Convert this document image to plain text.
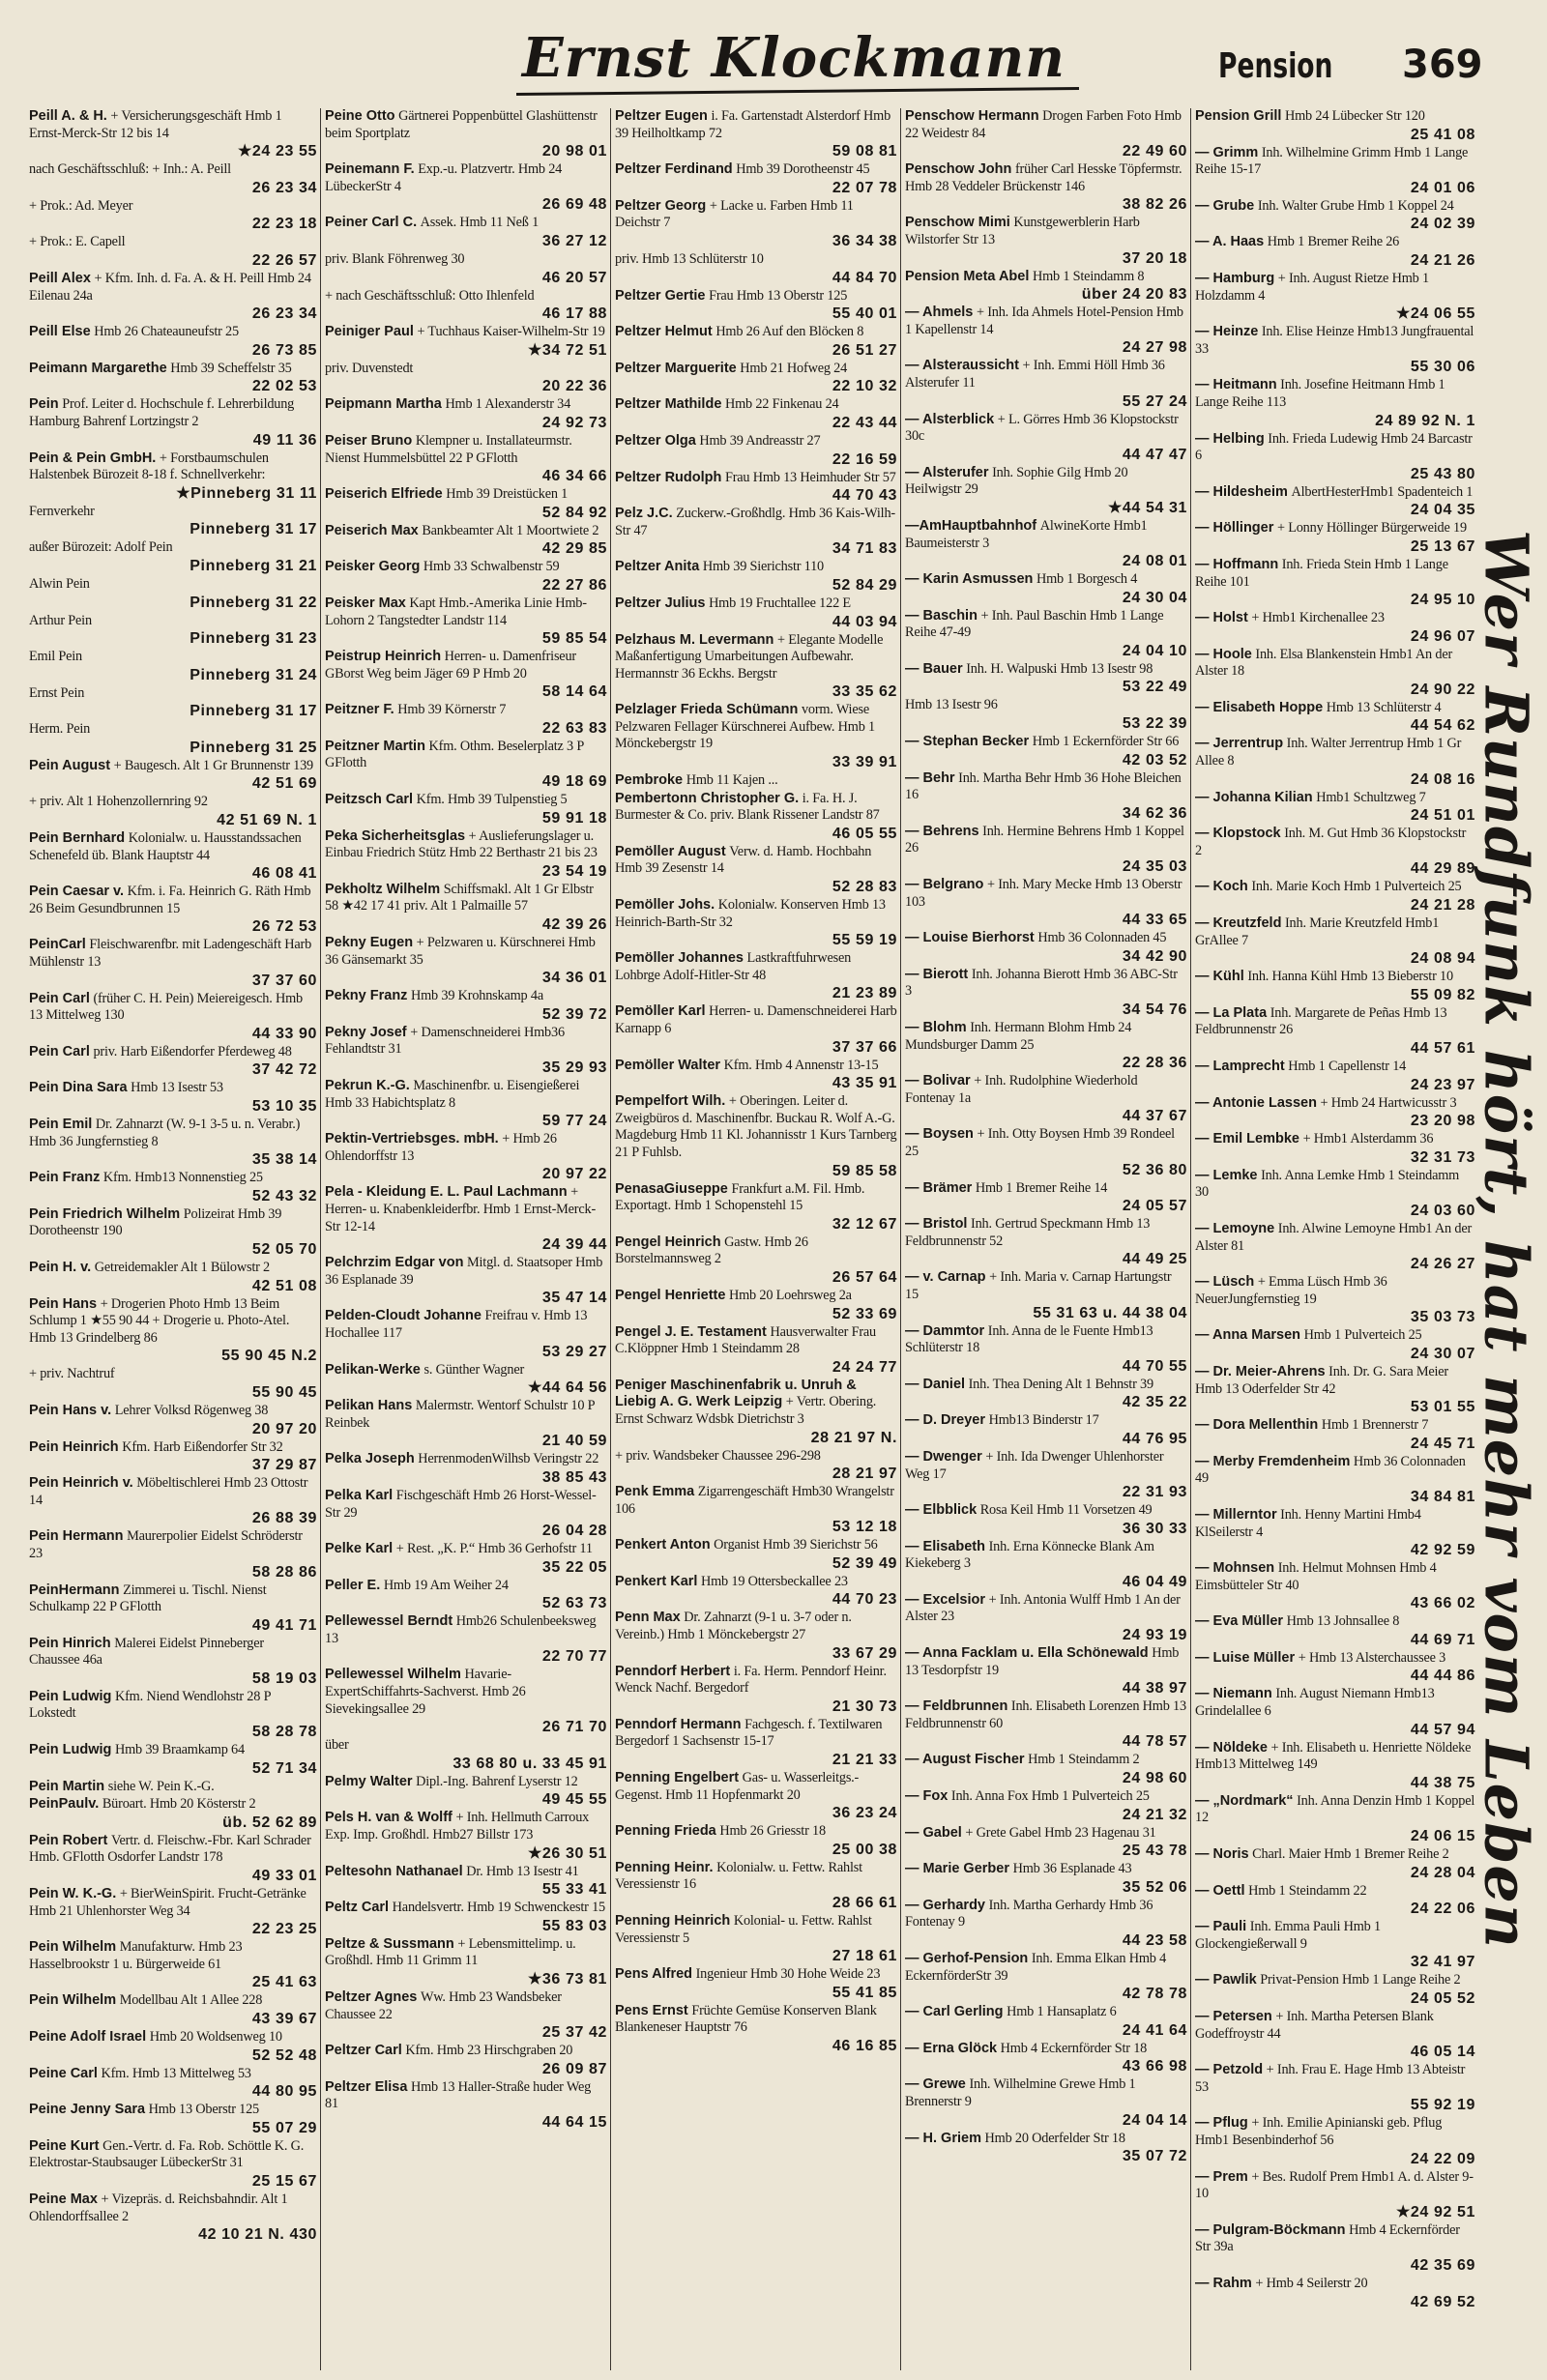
Ernst Klockmann	Pension 369

Peill A. & H. + Versicherungsgeschäft Hmb 1 Ernst-Merck-Str 12 bis 14

★24 23 55

nach Geschäftsschluß: + Inh.: A. Peill

26 23 34

+ Prok.: Ad. Meyer

22 23 18

+ Prok.: E. Capell

22 26 57

Peill Alex + Kfm. Inh. d. Fa. A. & H. Peill Hmb 24 Eilenau 24a

26 23 34

Peill Else Hmb 26 Chateauneufstr 25

26 73 85

Peimann Margarethe Hmb 39 Scheffelstr 35

22 02 53

Pein Prof. Leiter d. Hochschule f. Lehrerbildung Hamburg Bahrenf Lortzingstr 2

49 11 36

Pein & Pein GmbH. + Forstbaumschulen Halstenbek Bürozeit 8-18 f. Schnellverkehr:

★Pinneberg 31 11

Fernverkehr

Pinneberg 31 17

außer Bürozeit: Adolf Pein

Pinneberg 31 21

Alwin Pein

Pinneberg 31 22

Arthur Pein

Pinneberg 31 23

Emil Pein

Pinneberg 31 24

Ernst Pein

Pinneberg 31 17

Herm. Pein

Pinneberg 31 25

Pein August + Baugesch. Alt 1 Gr Brunnenstr 139

42 51 69

+ priv. Alt 1 Hohenzollernring 92

42 51 69 N. 1

Pein Bernhard Kolonialw. u. Hausstandssachen Schenefeld üb. Blank Hauptstr 44

46 08 41

Pein Caesar v. Kfm. i. Fa. Heinrich G. Räth Hmb 26 Beim Gesundbrunnen 15

26 72 53

PeinCarl Fleischwarenfbr. mit Ladengeschäft Harb Mühlenstr 13

37 37 60

Pein Carl (früher C. H. Pein) Meiereigesch. Hmb 13 Mittelweg 130

44 33 90

Pein Carl priv. Harb Eißendorfer Pferdeweg 48

37 42 72

Pein Dina Sara Hmb 13 Isestr 53

53 10 35

Pein Emil Dr. Zahnarzt (W. 9-1 3-5 u. n. Verabr.) Hmb 36 Jungfernstieg 8

35 38 14

Pein Franz Kfm. Hmb13 Nonnenstieg 25

52 43 32

Pein Friedrich Wilhelm Polizeirat Hmb 39 Dorotheenstr 190

52 05 70

Pein H. v. Getreidemakler Alt 1 Bülowstr 2

42 51 08

Pein Hans + Drogerien Photo Hmb 13 Beim Schlump 1 ★55 90 44 + Drogerie u. Photo-Atel. Hmb 13 Grindelberg 86

55 90 45 N.2

+ priv. Nachtruf

55 90 45

Pein Hans v. Lehrer Volksd Rögenweg 38

20 97 20

Pein Heinrich Kfm. Harb Eißendorfer Str 32

37 29 87

Pein Heinrich v. Möbeltischlerei Hmb 23 Ottostr 14

26 88 39

Pein Hermann Maurerpolier Eidelst Schröderstr 23

58 28 86

PeinHermann Zimmerei u. Tischl. Nienst Schulkamp 22 P GFlotth

49 41 71

Pein Hinrich Malerei Eidelst Pinneberger Chaussee 46a

58 19 03

Pein Ludwig Kfm. Niend Wendlohstr 28 P Lokstedt

58 28 78

Pein Ludwig Hmb 39 Braamkamp 64

52 71 34

Pein Martin siehe W. Pein K.-G.

PeinPaulv. Büroart. Hmb 20 Kösterstr 2

üb. 52 62 89

Pein Robert Vertr. d. Fleischw.-Fbr. Karl Schrader Hmb. GFlotth Osdorfer Landstr 178

49 33 01

Pein W. K.-G. + BierWeinSpirit. Frucht-Getränke Hmb 21 Uhlenhorster Weg 34

22 23 25

Pein Wilhelm Manufakturw. Hmb 23 Hasselbrookstr 1 u. Bürgerweide 61

25 41 63

Pein Wilhelm Modellbau Alt 1 Allee 228

43 39 67

Peine Adolf Israel Hmb 20 Woldsenweg 10

52 52 48

Peine Carl Kfm. Hmb 13 Mittelweg 53

44 80 95

Peine Jenny Sara Hmb 13 Oberstr 125

55 07 29

Peine Kurt Gen.-Vertr. d. Fa. Rob. Schöttle K. G. Elektrostar-Staubsauger LübeckerStr 31

25 15 67

Peine Max + Vizepräs. d. Reichsbahndir. Alt 1 Ohlendorffsallee 2

42 10 21 N. 430

Peine Otto Gärtnerei Poppenbüttel Glashüttenstr beim Sportplatz

20 98 01

Peinemann F. Exp.-u. Platzvertr. Hmb 24 LübeckerStr 4

26 69 48

Peiner Carl C. Assek. Hmb 11 Neß 1

36 27 12

priv. Blank Föhrenweg 30

46 20 57

+ nach Geschäftsschluß: Otto Ihlenfeld

46 17 88

Peiniger Paul + Tuchhaus Kaiser-Wilhelm-Str 19

★34 72 51

priv. Duvenstedt

20 22 36

Peipmann Martha Hmb 1 Alexanderstr 34

24 92 73

Peiser Bruno Klempner u. Installateurmstr. Nienst Hummelsbüttel 22 P GFlotth

46 34 66

Peiserich Elfriede Hmb 39 Dreistücken 1

52 84 92

Peiserich Max Bankbeamter Alt 1 Moortwiete 2

42 29 85

Peisker Georg Hmb 33 Schwalbenstr 59

22 27 86

Peisker Max Kapt Hmb.-Amerika Linie Hmb-Lohorn 2 Tangstedter Landstr 114

59 85 54

Peistrup Heinrich Herren- u. Damenfriseur GBorst Weg beim Jäger 69 P Hmb 20

58 14 64

Peitzner F. Hmb 39 Körnerstr 7

22 63 83

Peitzner Martin Kfm. Othm. Beselerplatz 3 P GFlotth

49 18 69

Peitzsch Carl Kfm. Hmb 39 Tulpenstieg 5

59 91 18

Peka Sicherheitsglas + Auslieferungslager u. Einbau Friedrich Stütz Hmb 22 Berthastr 21 bis 23

23 54 19

Pekholtz Wilhelm Schiffsmakl. Alt 1 Gr Elbstr 58 ★42 17 41 priv. Alt 1 Palmaille 57

42 39 26

Pekny Eugen + Pelzwaren u. Kürschnerei Hmb 36 Gänsemarkt 35

34 36 01

Pekny Franz Hmb 39 Krohnskamp 4a

52 39 72

Pekny Josef + Damenschneiderei Hmb36 Fehlandtstr 31

35 29 93

Pekrun K.-G. Maschinenfbr. u. Eisengießerei Hmb 33 Habichtsplatz 8

59 77 24

Pektin-Vertriebsges. mbH. + Hmb 26 Ohlendorffstr 13

20 97 22

Pela - Kleidung E. L. Paul Lachmann + Herren- u. Knabenkleiderfbr. Hmb 1 Ernst-Merck-Str 12-14

24 39 44

Pelchrzim Edgar von Mitgl. d. Staatsoper Hmb 36 Esplanade 39

35 47 14

Pelden-Cloudt Johanne Freifrau v. Hmb 13 Hochallee 117

53 29 27

Pelikan-Werke s. Günther Wagner

★44 64 56

Pelikan Hans Malermstr. Wentorf Schulstr 10 P Reinbek

21 40 59

Pelka Joseph HerrenmodenWilhsb Veringstr 22

38 85 43

Pelka Karl Fischgeschäft Hmb 26 Horst-Wessel-Str 29

26 04 28

Pelke Karl + Rest. „K. P.“ Hmb 36 Gerhofstr 11

35 22 05

Peller E. Hmb 19 Am Weiher 24

52 63 73

Pellewessel Berndt Hmb26 Schulenbeeksweg 13

22 70 77

Pellewessel Wilhelm Havarie-ExpertSchiffahrts-Sachverst. Hmb 26 Sievekingsallee 29

26 71 70

über

33 68 80 u. 33 45 91

Pelmy Walter Dipl.-Ing. Bahrenf Lyserstr 12

49 45 55

Pels H. van & Wolff + Inh. Hellmuth Carroux Exp. Imp. Großhdl. Hmb27 Billstr 173

★26 30 51

Peltesohn Nathanael Dr. Hmb 13 Isestr 41

55 33 41

Peltz Carl Handelsvertr. Hmb 19 Schwenckestr 15

55 83 03

Peltze & Sussmann + Lebensmittelimp. u. Großhdl. Hmb 11 Grimm 11

★36 73 81

Peltzer Agnes Ww. Hmb 23 Wandsbeker Chaussee 22

25 37 42

Peltzer Carl Kfm. Hmb 23 Hirschgraben 20

26 09 87

Peltzer Elisa Hmb 13 Haller-Straße huder Weg 81

44 64 15

Peltzer Eugen i. Fa. Gartenstadt Alsterdorf Hmb 39 Heilholtkamp 72

59 08 81

Peltzer Ferdinand Hmb 39 Dorotheenstr 45

22 07 78

Peltzer Georg + Lacke u. Farben Hmb 11 Deichstr 7

36 34 38

priv. Hmb 13 Schlüterstr 10

44 84 70

Peltzer Gertie Frau Hmb 13 Oberstr 125

55 40 01

Peltzer Helmut Hmb 26 Auf den Blöcken 8

26 51 27

Peltzer Marguerite Hmb 21 Hofweg 24

22 10 32

Peltzer Mathilde Hmb 22 Finkenau 24

22 43 44

Peltzer Olga Hmb 39 Andreasstr 27

22 16 59

Peltzer Rudolph Frau Hmb 13 Heimhuder Str 57

44 70 43

Pelz J.C. Zuckerw.-Großhdlg. Hmb 36 Kais-Wilh-Str 47

34 71 83

Peltzer Anita Hmb 39 Sierichstr 110

52 84 29

Peltzer Julius Hmb 19 Fruchtallee 122 E

44 03 94

Pelzhaus M. Levermann + Elegante Modelle Maßanfertigung Umarbeitungen Aufbewahr. Hermannstr 36 Eckhs. Bergstr

33 35 62

Pelzlager Frieda Schümann vorm. Wiese Pelzwaren Fellager Kürschnerei Aufbew. Hmb 1 Mönckebergstr 19

33 39 91

Pembroke Hmb 11 Kajen ...

Pembertonn Christopher G. i. Fa. H. J. Burmester & Co. priv. Blank Rissener Landstr 87

46 05 55

Pemöller August Verw. d. Hamb. Hochbahn Hmb 39 Zesenstr 14

52 28 83

Pemöller Johs. Kolonialw. Konserven Hmb 13 Heinrich-Barth-Str 32

55 59 19

Pemöller Johannes Lastkraftfuhrwesen Lohbrge Adolf-Hitler-Str 48

21 23 89

Pemöller Karl Herren- u. Damenschneiderei Harb Karnapp 6

37 37 66

Pemöller Walter Kfm. Hmb 4 Annenstr 13-15

43 35 91

Pempelfort Wilh. + Oberingen. Leiter d. Zweigbüros d. Maschinenfbr. Buckau R. Wolf A.-G. Magdeburg Hmb 11 Kl. Johannisstr 1 Kurs Tarnberg 21 P Fuhlsb.

59 85 58

PenasaGiuseppe Frankfurt a.M. Fil. Hmb. Exportagt. Hmb 1 Schopenstehl 15

32 12 67

Pengel Heinrich Gastw. Hmb 26 Borstelmannsweg 2

26 57 64

Pengel Henriette Hmb 20 Loehrsweg 2a

52 33 69

Pengel J. E. Testament Hausverwalter Frau C.Klöppner Hmb 1 Steindamm 28

24 24 77

Peniger Maschinenfabrik u. Unruh & Liebig A. G. Werk Leipzig + Vertr. Obering. Ernst Schwarz Wdsbk Dietrichstr 3

28 21 97 N.

+ priv. Wandsbeker Chaussee 296-298

28 21 97

Penk Emma Zigarrengeschäft Hmb30 Wrangelstr 106

53 12 18

Penkert Anton Organist Hmb 39 Sierichstr 56

52 39 49

Penkert Karl Hmb 19 Ottersbeckallee 23

44 70 23

Penn Max Dr. Zahnarzt (9-1 u. 3-7 oder n. Vereinb.) Hmb 1 Mönckebergstr 27

33 67 29

Penndorf Herbert i. Fa. Herm. Penndorf Heinr. Wenck Nachf. Bergedorf

21 30 73

Penndorf Hermann Fachgesch. f. Textilwaren Bergedorf 1 Sachsenstr 15-17

21 21 33

Penning Engelbert Gas- u. Wasserleitgs.-Gegenst. Hmb 11 Hopfenmarkt 20

36 23 24

Penning Frieda Hmb 26 Griesstr 18

25 00 38

Penning Heinr. Kolonialw. u. Fettw. Rahlst Veressienstr 16

28 66 61

Penning Heinrich Kolonial- u. Fettw. Rahlst Veressienstr 5

27 18 61

Pens Alfred Ingenieur Hmb 30 Hohe Weide 23

55 41 85

Pens Ernst Früchte Gemüse Konserven Blank Blankeneser Hauptstr 76

46 16 85

Penschow Hermann Drogen Farben Foto Hmb 22 Weidestr 84

22 49 60

Penschow John früher Carl Hesske Töpfermstr. Hmb 28 Veddeler Brückenstr 146

38 82 26

Penschow Mimi Kunstgewerblerin Harb Wilstorfer Str 13

37 20 18

Pension Meta Abel Hmb 1 Steindamm 8

über 24 20 83

— Ahmels + Inh. Ida Ahmels Hotel-Pension Hmb 1 Kapellenstr 14

24 27 98

— Alsteraussicht + Inh. Emmi Höll Hmb 36 Alsterufer 11

55 27 24

— Alsterblick + L. Görres Hmb 36 Klopstockstr 30c

44 47 47

— Alsterufer Inh. Sophie Gilg Hmb 20 Heilwigstr 29

★44 54 31

—AmHauptbahnhof AlwineKorte Hmb1 Baumeisterstr 3

24 08 01

— Karin Asmussen Hmb 1 Borgesch 4

24 30 04

— Baschin + Inh. Paul Baschin Hmb 1 Lange Reihe 47-49

24 04 10

— Bauer Inh. H. Walpuski Hmb 13 Isestr 98

53 22 49

Hmb 13 Isestr 96

53 22 39

— Stephan Becker Hmb 1 Eckernförder Str 66

42 03 52

— Behr Inh. Martha Behr Hmb 36 Hohe Bleichen 16

34 62 36

— Behrens Inh. Hermine Behrens Hmb 1 Koppel 26

24 35 03

— Belgrano + Inh. Mary Mecke Hmb 13 Oberstr 103

44 33 65

— Louise Bierhorst Hmb 36 Colonnaden 45

34 42 90

— Bierott Inh. Johanna Bierott Hmb 36 ABC-Str 3

34 54 76

— Blohm Inh. Hermann Blohm Hmb 24 Mundsburger Damm 25

22 28 36

— Bolivar + Inh. Rudolphine Wiederhold Fontenay 1a

44 37 67

— Boysen + Inh. Otty Boysen Hmb 39 Rondeel 25

52 36 80

— Brämer Hmb 1 Bremer Reihe 14

24 05 57

— Bristol Inh. Gertrud Speckmann Hmb 13 Feldbrunnenstr 52

44 49 25

— v. Carnap + Inh. Maria v. Carnap Hartungstr 15

55 31 63 u. 44 38 04

— Dammtor Inh. Anna de le Fuente Hmb13 Schlüterstr 18

44 70 55

— Daniel Inh. Thea Dening Alt 1 Behnstr 39

42 35 22

— D. Dreyer Hmb13 Binderstr 17

44 76 95

— Dwenger + Inh. Ida Dwenger Uhlenhorster Weg 17

22 31 93

— Elbblick Rosa Keil Hmb 11 Vorsetzen 49

36 30 33

— Elisabeth Inh. Erna Könnecke Blank Am Kiekeberg 3

46 04 49

— Excelsior + Inh. Antonia Wulff Hmb 1 An der Alster 23

24 93 19

— Anna Facklam u. Ella Schönewald Hmb 13 Tesdorpfstr 19

44 38 97

— Feldbrunnen Inh. Elisabeth Lorenzen Hmb 13 Feldbrunnenstr 60

44 78 57

— August Fischer Hmb 1 Steindamm 2

24 98 60

— Fox Inh. Anna Fox Hmb 1 Pulverteich 25

24 21 32

— Gabel + Grete Gabel Hmb 23 Hagenau 31

25 43 78

— Marie Gerber Hmb 36 Esplanade 43

35 52 06

— Gerhardy Inh. Martha Gerhardy Hmb 36 Fontenay 9

44 23 58

— Gerhof-Pension Inh. Emma Elkan Hmb 4 EckernförderStr 39

42 78 78

— Carl Gerling Hmb 1 Hansaplatz 6

24 41 64

— Erna Glöck Hmb 4 Eckernförder Str 18

43 66 98

— Grewe Inh. Wilhelmine Grewe Hmb 1 Brennerstr 9

24 04 14

— H. Griem Hmb 20 Oderfelder Str 18

35 07 72

Pension Grill Hmb 24 Lübecker Str 120

25 41 08

— Grimm Inh. Wilhelmine Grimm Hmb 1 Lange Reihe 15-17

24 01 06

— Grube Inh. Walter Grube Hmb 1 Koppel 24

24 02 39

— A. Haas Hmb 1 Bremer Reihe 26

24 21 26

— Hamburg + Inh. August Rietze Hmb 1 Holzdamm 4

★24 06 55

— Heinze Inh. Elise Heinze Hmb13 Jungfrauental 33

55 30 06

— Heitmann Inh. Josefine Heitmann Hmb 1 Lange Reihe 113

24 89 92 N. 1

— Helbing Inh. Frieda Ludewig Hmb 24 Barcastr 6

25 43 80

— Hildesheim AlbertHesterHmb1 Spadenteich 1

24 04 35

— Höllinger + Lonny Höllinger Bürgerweide 19

25 13 67

— Hoffmann Inh. Frieda Stein Hmb 1 Lange Reihe 101

24 95 10

— Holst + Hmb1 Kirchenallee 23

24 96 07

— Hoole Inh. Elsa Blankenstein Hmb1 An der Alster 18

24 90 22

— Elisabeth Hoppe Hmb 13 Schlüterstr 4

44 54 62

— Jerrentrup Inh. Walter Jerrentrup Hmb 1 Gr Allee 8

24 08 16

— Johanna Kilian Hmb1 Schultzweg 7

24 51 01

— Klopstock Inh. M. Gut Hmb 36 Klopstockstr 2

44 29 89

— Koch Inh. Marie Koch Hmb 1 Pulverteich 25

24 21 28

— Kreutzfeld Inh. Marie Kreutzfeld Hmb1 GrAllee 7

24 08 94

— Kühl Inh. Hanna Kühl Hmb 13 Bieberstr 10

55 09 82

— La Plata Inh. Margarete de Peñas Hmb 13 Feldbrunnenstr 26

44 57 61

— Lamprecht Hmb 1 Capellenstr 14

24 23 97

— Antonie Lassen + Hmb 24 Hartwicusstr 3

23 20 98

— Emil Lembke + Hmb1 Alsterdamm 36

32 31 73

— Lemke Inh. Anna Lemke Hmb 1 Steindamm 30

24 03 60

— Lemoyne Inh. Alwine Lemoyne Hmb1 An der Alster 81

24 26 27

— Lüsch + Emma Lüsch Hmb 36 NeuerJungfernstieg 19

35 03 73

— Anna Marsen Hmb 1 Pulverteich 25

24 30 07

— Dr. Meier-Ahrens Inh. Dr. G. Sara Meier Hmb 13 Oderfelder Str 42

53 01 55

— Dora Mellenthin Hmb 1 Brennerstr 7

24 45 71

— Merby Fremdenheim Hmb 36 Colonnaden 49

34 84 81

— Millerntor Inh. Henny Martini Hmb4 KlSeilerstr 4

42 92 59

— Mohnsen Inh. Helmut Mohnsen Hmb 4 Eimsbütteler Str 40

43 66 02

— Eva Müller Hmb 13 Johnsallee 8

44 69 71

— Luise Müller + Hmb 13 Alsterchaussee 3

44 44 86

— Niemann Inh. August Niemann Hmb13 Grindelallee 6

44 57 94

— Nöldeke + Inh. Elisabeth u. Henriette Nöldeke Hmb13 Mittelweg 149

44 38 75

— „Nordmark“ Inh. Anna Denzin Hmb 1 Koppel 12

24 06 15

— Noris Charl. Maier Hmb 1 Bremer Reihe 2

24 28 04

— Oettl Hmb 1 Steindamm 22

24 22 06

— Pauli Inh. Emma Pauli Hmb 1 Glockengießerwall 9

32 41 97

— Pawlik Privat-Pension Hmb 1 Lange Reihe 2

24 05 52

— Petersen + Inh. Martha Petersen Blank Godeffroystr 44

46 05 14

— Petzold + Inh. Frau E. Hage Hmb 13 Abteistr 53

55 92 19

— Pflug + Inh. Emilie Apinianski geb. Pflug Hmb1 Besenbinderhof 56

24 22 09

— Prem + Bes. Rudolf Prem Hmb1 A. d. Alster 9-10

★24 92 51

— Pulgram-Böckmann Hmb 4 Eckernförder Str 39a

42 35 69

— Rahm + Hmb 4 Seilerstr 20

42 69 52
Wer Rundfunk hört, hat mehr vom Leben
